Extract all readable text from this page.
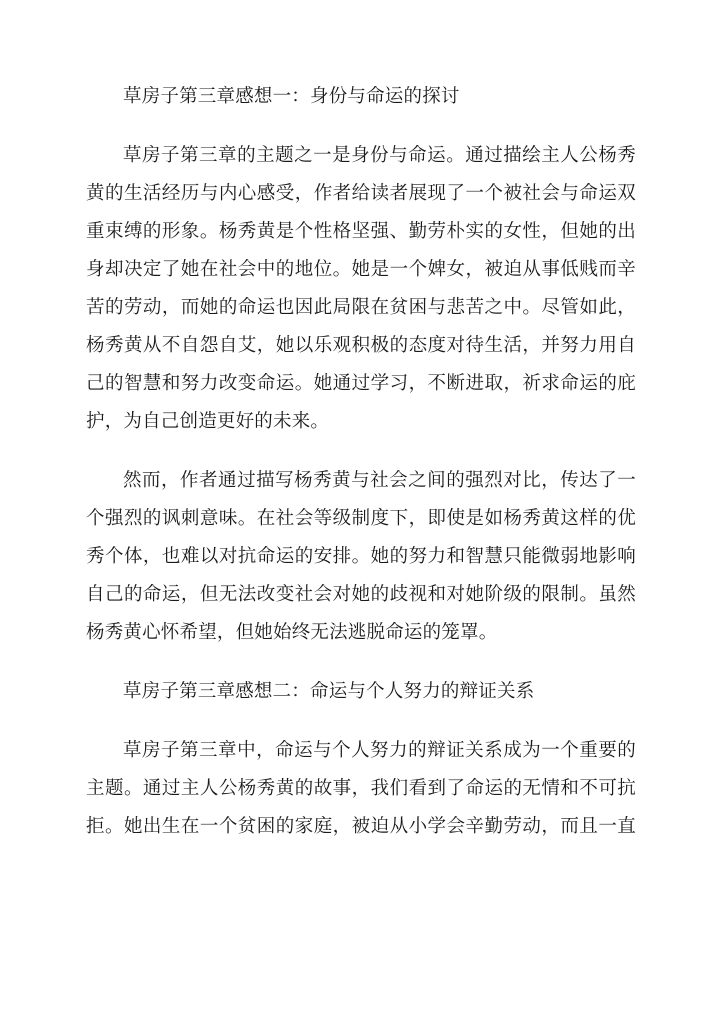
草房子第三章感想一：身份与命运的探讨
草房子第三章的主题之一是身份与命运。通过描绘主人公杨秀
黄的生活经历与内心感受，作者给读者展现了一个被社会与命运双
重束缚的形象。杨秀黄是个性格坚强、勤劳朴实的女性，但她的出
身却决定了她在社会中的地位。她是一个婢女，被迫从事低贱而辛
苦的劳动，而她的命运也因此局限在贫困与悲苦之中。尽管如此，
杨秀黄从不自怨自艾，她以乐观积极的态度对待生活，并努力用自
己的智慧和努力改变命运。她通过学习，不断进取，祈求命运的庇
护，为自己创造更好的未来。
然而，作者通过描写杨秀黄与社会之间的强烈对比，传达了一
个强烈的讽刺意味。在社会等级制度下，即使是如杨秀黄这样的优
秀个体，也难以对抗命运的安排。她的努力和智慧只能微弱地影响
自己的命运，但无法改变社会对她的歧视和对她阶级的限制。虽然
杨秀黄心怀希望，但她始终无法逃脱命运的笼罩。
草房子第三章感想二：命运与个人努力的辩证关系
草房子第三章中，命运与个人努力的辩证关系成为一个重要的
主题。通过主人公杨秀黄的故事，我们看到了命运的无情和不可抗
拒。她出生在一个贫困的家庭，被迫从小学会辛勤劳动，而且一直
